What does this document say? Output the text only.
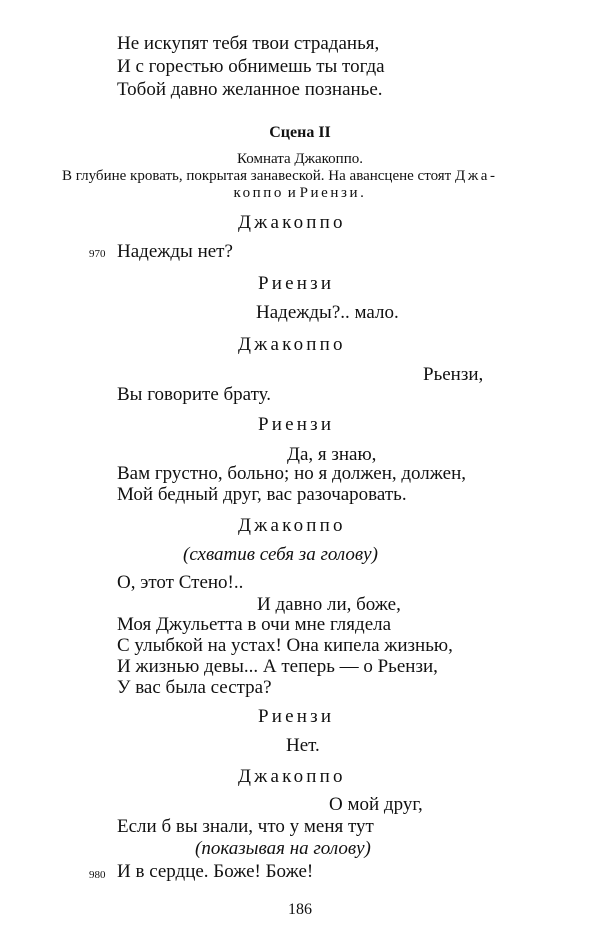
Не искупят тебя твои страданья,
И с горестью обнимешь ты тогда
Тобой давно желанное познанье.
Сцена II
Комната Джакоппо.
В глубине кровать, покрытая занавеской. На авансцене стоят Джа-
коппо и Риензи.
Джакоппо
970 Надежды нет?
Риензи
Надежды?.. мало.
Джакоппо
Рьензи,
Вы говорите брату.
Риензи
Да, я знаю,
Вам грустно, больно; но я должен, должен,
Мой бедный друг, вас разочаровать.
Джакоппо
(схватив себя за голову)
О, этот Стено!..
И давно ли, боже,
Моя Джульетта в очи мне глядела
С улыбкой на устах! Она кипела жизнью,
И жизнью девы... А теперь — о Рьензи,
У вас была сестра?
Риензи
Нет.
Джакоппо
О мой друг,
Если б вы знали, что у меня тут
(показывая на голову)
980 И в сердце. Боже! Боже!
186
